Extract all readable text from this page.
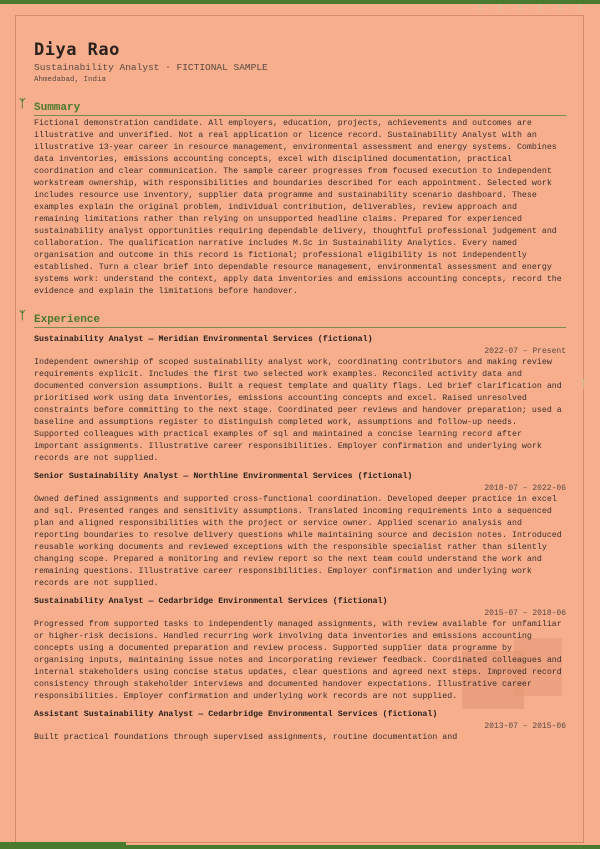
ᛉ	ᛉ	ᛉ	ᛉ	ᛉ	ᛉ
ᛉ
Diya Rao

Sustainability Analyst · FICTIONAL SAMPLE

Ahmedabad, India

ᛉ Summary

Fictional demonstration candidate. All employers, education, projects, achievements and outcomes are illustrative and unverified. Not a real application or licence record. Sustainability Analyst with an illustrative 13-year career in resource management, environmental assessment and energy systems. Combines data inventories, emissions accounting concepts, excel with disciplined documentation, practical coordination and clear communication. The sample career progresses from focused execution to independent workstream ownership, with responsibilities and boundaries described for each appointment. Selected work includes resource use inventory, supplier data programme and sustainability scenario dashboard. These examples explain the original problem, individual contribution, deliverables, review approach and remaining limitations rather than relying on unsupported headline claims. Prepared for experienced sustainability analyst opportunities requiring dependable delivery, thoughtful professional judgement and collaboration. The qualification narrative includes M.Sc in Sustainability Analytics. Every named organisation and outcome in this record is fictional; professional eligibility is not independently established. Turn a clear brief into dependable resource management, environmental assessment and energy systems work: understand the context, apply data inventories and emissions accounting concepts, record the evidence and explain the limitations before handover.

ᛉ Experience

Sustainability Analyst — Meridian Environmental Services (fictional)

2022-07 – Present

Independent ownership of scoped sustainability analyst work, coordinating contributors and making review requirements explicit. Includes the first two selected work examples. Reconciled activity data and documented conversion assumptions. Built a request template and quality flags. Led brief clarification and prioritised work using data inventories, emissions accounting concepts and excel. Raised unresolved constraints before committing to the next stage. Coordinated peer reviews and handover preparation; used a baseline and assumptions register to distinguish completed work, assumptions and follow-up needs. Supported colleagues with practical examples of sql and maintained a concise learning record after important assignments. Illustrative career responsibilities. Employer confirmation and underlying work records are not supplied.

Senior Sustainability Analyst — Northline Environmental Services (fictional)

2018-07 – 2022-06

Owned defined assignments and supported cross-functional coordination. Developed deeper practice in excel and sql. Presented ranges and sensitivity assumptions. Translated incoming requirements into a sequenced plan and aligned responsibilities with the project or service owner. Applied scenario analysis and reporting boundaries to resolve delivery questions while maintaining source and decision notes. Introduced reusable working documents and reviewed exceptions with the responsible specialist rather than silently changing scope. Prepared a monitoring and review report so the next team could understand the work and remaining questions. Illustrative career responsibilities. Employer confirmation and underlying work records are not supplied.

Sustainability Analyst — Cedarbridge Environmental Services (fictional)

2015-07 – 2018-06

Progressed from supported tasks to independently managed assignments, with review available for unfamiliar or higher-risk decisions. Handled recurring work involving data inventories and emissions accounting concepts using a documented preparation and review process. Supported supplier data programme by organising inputs, maintaining issue notes and incorporating reviewer feedback. Coordinated colleagues and internal stakeholders using concise status updates, clear questions and agreed next steps. Improved record consistency through stakeholder interviews and documented handover expectations. Illustrative career responsibilities. Employer confirmation and underlying work records are not supplied.

Assistant Sustainability Analyst — Cedarbridge Environmental Services (fictional)

2013-07 – 2015-06

Built practical foundations through supervised assignments, routine documentation and
